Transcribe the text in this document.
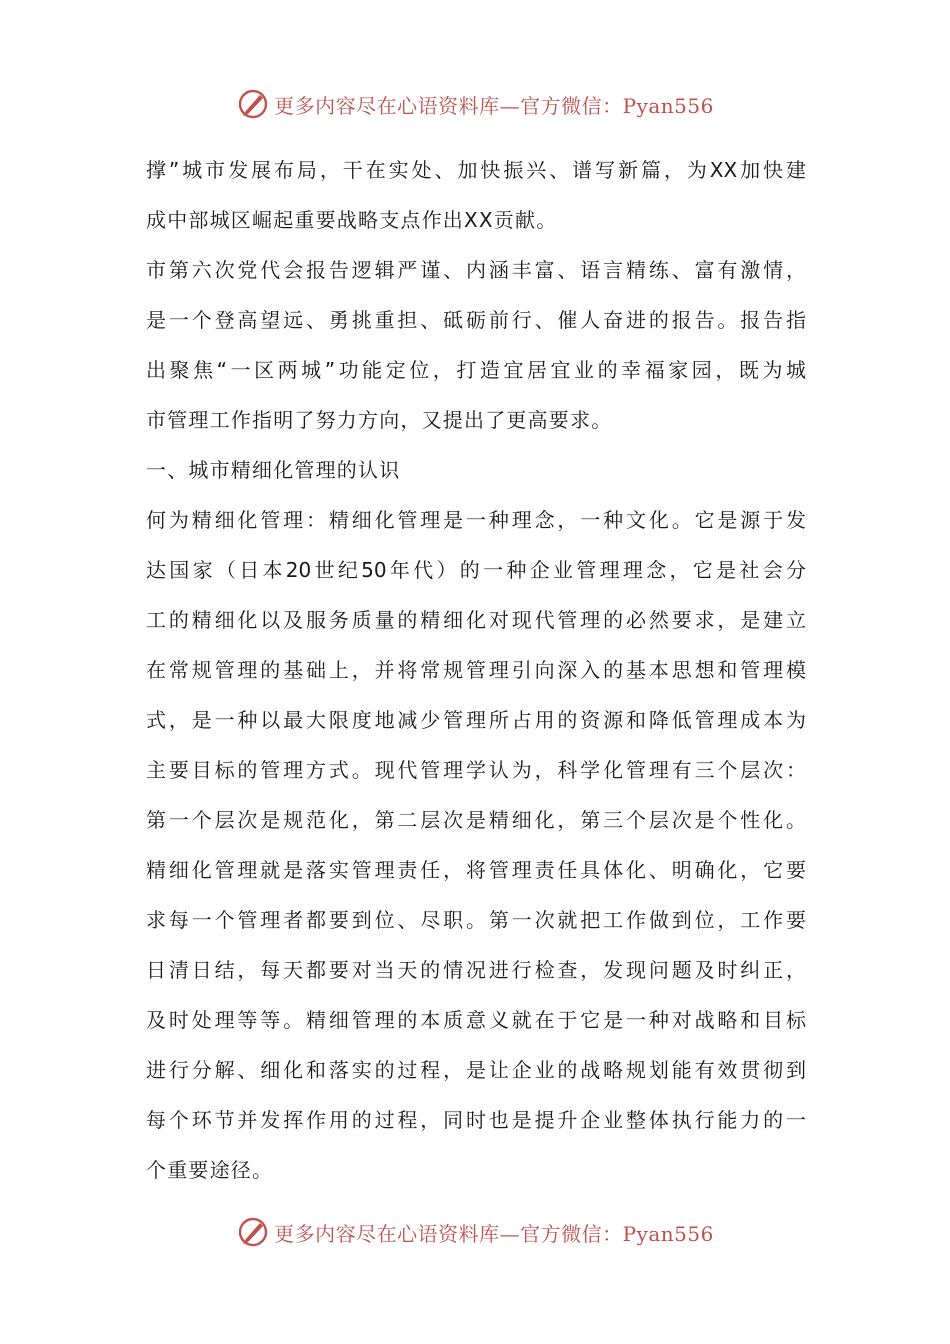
更多内容尽在心语资料库—官方微信：Pyan556
撑”城市发展布局，干在实处、加快振兴、谱写新篇，为XX加快建
成中部城区崛起重要战略支点作出XX贡献。
市第六次党代会报告逻辑严谨、内涵丰富、语言精练、富有激情，
是一个登高望远、勇挑重担、砥砺前行、催人奋进的报告。报告指
出聚焦“一区两城”功能定位，打造宜居宜业的幸福家园，既为城
市管理工作指明了努力方向，又提出了更高要求。
一、城市精细化管理的认识
何为精细化管理：精细化管理是一种理念，一种文化。它是源于发
达国家（日本20世纪50年代）的一种企业管理理念，它是社会分
工的精细化以及服务质量的精细化对现代管理的必然要求，是建立
在常规管理的基础上，并将常规管理引向深入的基本思想和管理模
式，是一种以最大限度地减少管理所占用的资源和降低管理成本为
主要目标的管理方式。现代管理学认为，科学化管理有三个层次：
第一个层次是规范化，第二层次是精细化，第三个层次是个性化。
精细化管理就是落实管理责任，将管理责任具体化、明确化，它要
求每一个管理者都要到位、尽职。第一次就把工作做到位，工作要
日清日结，每天都要对当天的情况进行检查，发现问题及时纠正，
及时处理等等。精细管理的本质意义就在于它是一种对战略和目标
进行分解、细化和落实的过程，是让企业的战略规划能有效贯彻到
每个环节并发挥作用的过程，同时也是提升企业整体执行能力的一
个重要途径。
更多内容尽在心语资料库—官方微信：Pyan556
